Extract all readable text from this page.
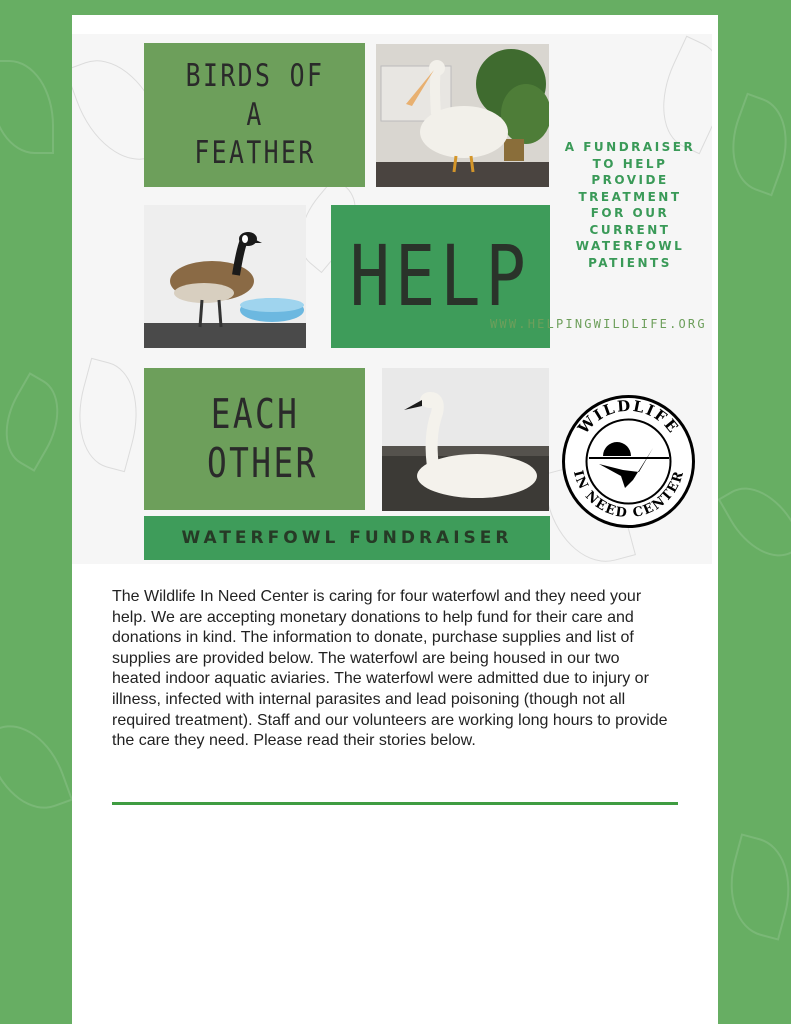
BIRDS OF A FEATHER
HELP
EACH OTHER
A FUNDRAISER TO HELP PROVIDE TREATMENT FOR OUR CURRENT WATERFOWL PATIENTS
WWW.HELPINGWILDLIFE.ORG
WILDLIFE
IN NEED CENTER
WATERFOWL FUNDRAISER

The Wildlife In Need Center is caring for four waterfowl and they need your help. We are accepting monetary donations to help fund for their care and donations in kind. The information to donate, purchase supplies and list of supplies are provided below. The waterfowl are being housed in our two heated indoor aquatic aviaries. The waterfowl were admitted due to injury or illness, infected with internal parasites and lead poisoning (though not all required treatment). Staff and our volunteers are working long hours to provide the care they need. Please read their stories below.
